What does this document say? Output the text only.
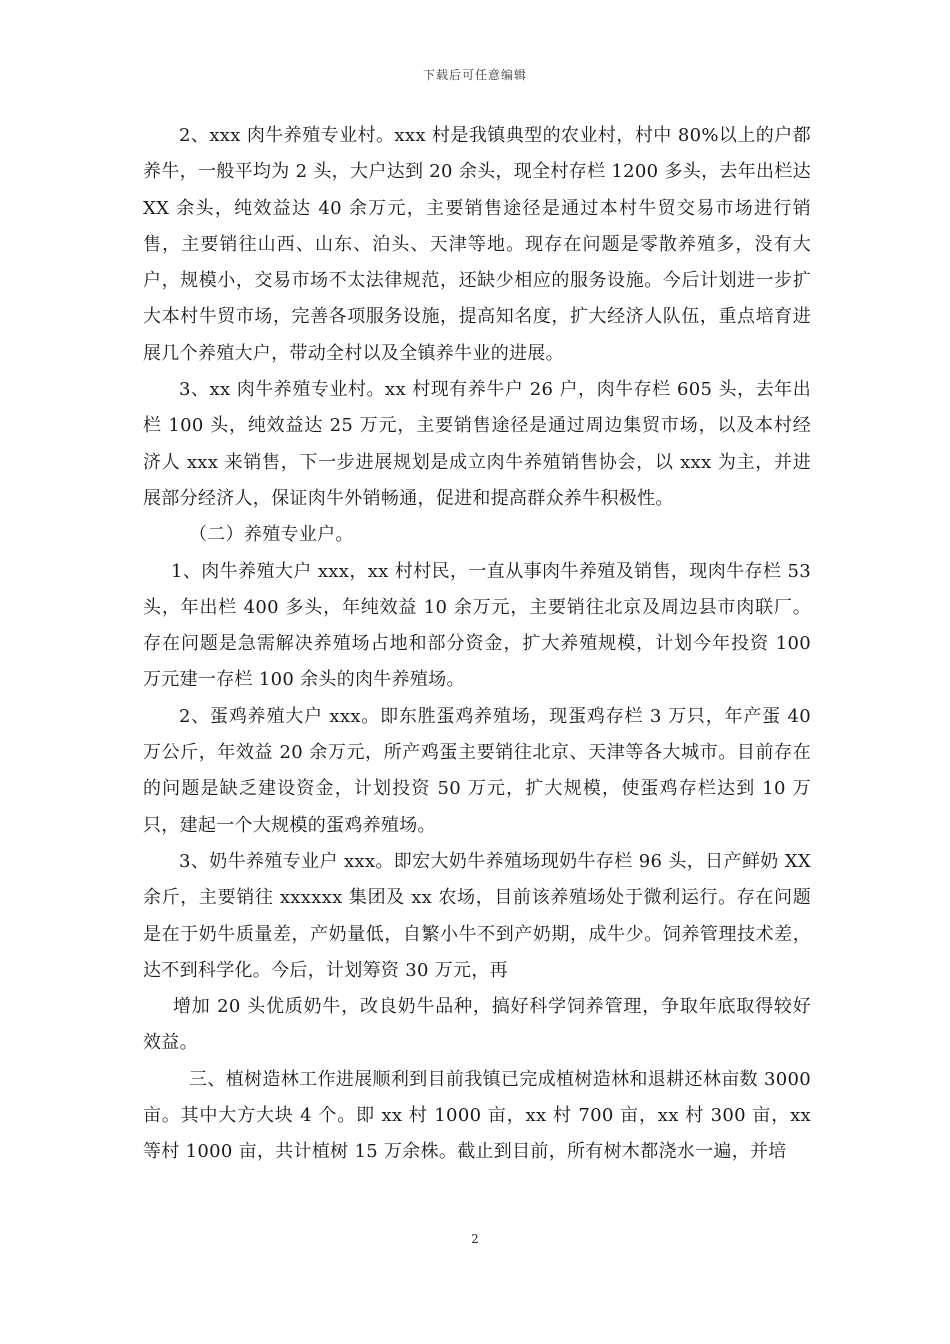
下载后可任意编辑

2、xxx 肉牛养殖专业村。xxx 村是我镇典型的农业村，村中 80%以上的户都养牛，一般平均为 2 头，大户达到 20 余头，现全村存栏 1200 多头，去年出栏达 XX 余头，纯效益达 40 余万元，主要销售途径是通过本村牛贸交易市场进行销售，主要销往山西、山东、泊头、天津等地。现存在问题是零散养殖多，没有大户，规模小，交易市场不太法律规范，还缺少相应的服务设施。今后计划进一步扩大本村牛贸市场，完善各项服务设施，提高知名度，扩大经济人队伍，重点培育进展几个养殖大户，带动全村以及全镇养牛业的进展。

3、xx 肉牛养殖专业村。xx 村现有养牛户 26 户，肉牛存栏 605 头，去年出栏 100 头，纯效益达 25 万元，主要销售途径是通过周边集贸市场，以及本村经济人 xxx 来销售，下一步进展规划是成立肉牛养殖销售协会，以 xxx 为主，并进展部分经济人，保证肉牛外销畅通，促进和提高群众养牛积极性。

（二）养殖专业户。

1、肉牛养殖大户 xxx，xx 村村民，一直从事肉牛养殖及销售，现肉牛存栏 53 头，年出栏 400 多头，年纯效益 10 余万元，主要销往北京及周边县市肉联厂。存在问题是急需解决养殖场占地和部分资金，扩大养殖规模，计划今年投资 100 万元建一存栏 100 余头的肉牛养殖场。

2、蛋鸡养殖大户 xxx。即东胜蛋鸡养殖场，现蛋鸡存栏 3 万只，年产蛋 40 万公斤，年效益 20 余万元，所产鸡蛋主要销往北京、天津等各大城市。目前存在的问题是缺乏建设资金，计划投资 50 万元，扩大规模，使蛋鸡存栏达到 10 万只，建起一个大规模的蛋鸡养殖场。

3、奶牛养殖专业户 xxx。即宏大奶牛养殖场现奶牛存栏 96 头，日产鲜奶 XX 余斤，主要销往 xxxxxx 集团及 xx 农场，目前该养殖场处于微利运行。存在问题是在于奶牛质量差，产奶量低，自繁小牛不到产奶期，成牛少。饲养管理技术差，达不到科学化。今后，计划筹资 30 万元，再

增加 20 头优质奶牛，改良奶牛品种，搞好科学饲养管理，争取年底取得较好效益。

三、植树造林工作进展顺利到目前我镇已完成植树造林和退耕还林亩数 3000 亩。其中大方大块 4 个。即 xx 村 1000 亩，xx 村 700 亩，xx 村 300 亩，xx 等村 1000 亩，共计植树 15 万余株。截止到目前，所有树木都浇水一遍，并培

2
